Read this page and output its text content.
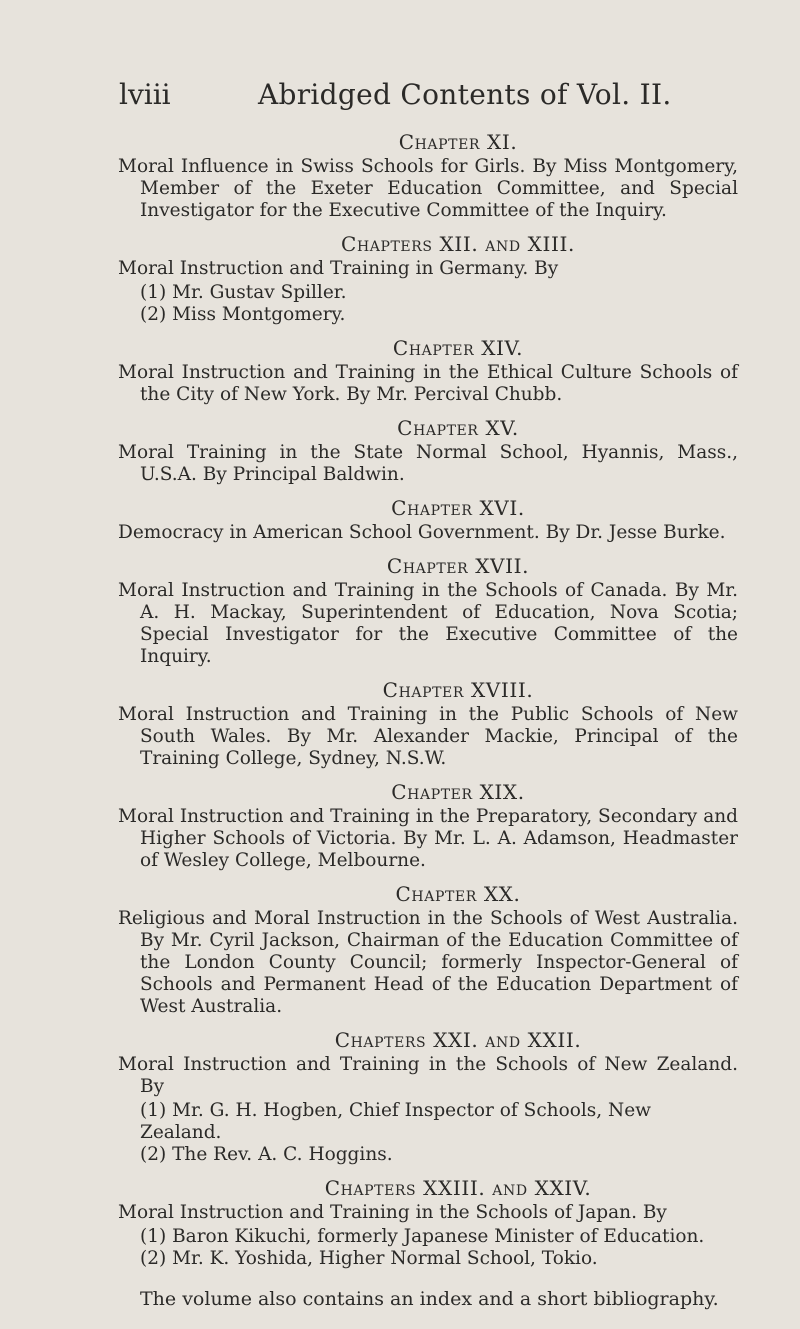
lviii	Abridged Contents of Vol. II.

Chapter XI.

Moral Influence in Swiss Schools for Girls. By Miss Montgomery, Member of the Exeter Education Committee, and Special Investigator for the Executive Committee of the Inquiry.

Chapters XII. and XIII.

Moral Instruction and Training in Germany. By

(1) Mr. Gustav Spiller.
(2) Miss Montgomery.

Chapter XIV.

Moral Instruction and Training in the Ethical Culture Schools of the City of New York. By Mr. Percival Chubb.

Chapter XV.

Moral Training in the State Normal School, Hyannis, Mass., U.S.A. By Principal Baldwin.

Chapter XVI.

Democracy in American School Government. By Dr. Jesse Burke.

Chapter XVII.

Moral Instruction and Training in the Schools of Canada. By Mr. A. H. Mackay, Superintendent of Education, Nova Scotia; Special Investigator for the Executive Committee of the Inquiry.

Chapter XVIII.

Moral Instruction and Training in the Public Schools of New South Wales. By Mr. Alexander Mackie, Principal of the Training College, Sydney, N.S.W.

Chapter XIX.

Moral Instruction and Training in the Preparatory, Secondary and Higher Schools of Victoria. By Mr. L. A. Adamson, Headmaster of Wesley College, Melbourne.

Chapter XX.

Religious and Moral Instruction in the Schools of West Australia. By Mr. Cyril Jackson, Chairman of the Education Committee of the London County Council; formerly Inspector-General of Schools and Permanent Head of the Education Department of West Australia.

Chapters XXI. and XXII.

Moral Instruction and Training in the Schools of New Zealand. By

(1) Mr. G. H. Hogben, Chief Inspector of Schools, New Zealand.
(2) The Rev. A. C. Hoggins.

Chapters XXIII. and XXIV.

Moral Instruction and Training in the Schools of Japan. By

(1) Baron Kikuchi, formerly Japanese Minister of Education.
(2) Mr. K. Yoshida, Higher Normal School, Tokio.

The volume also contains an index and a short bibliography.
